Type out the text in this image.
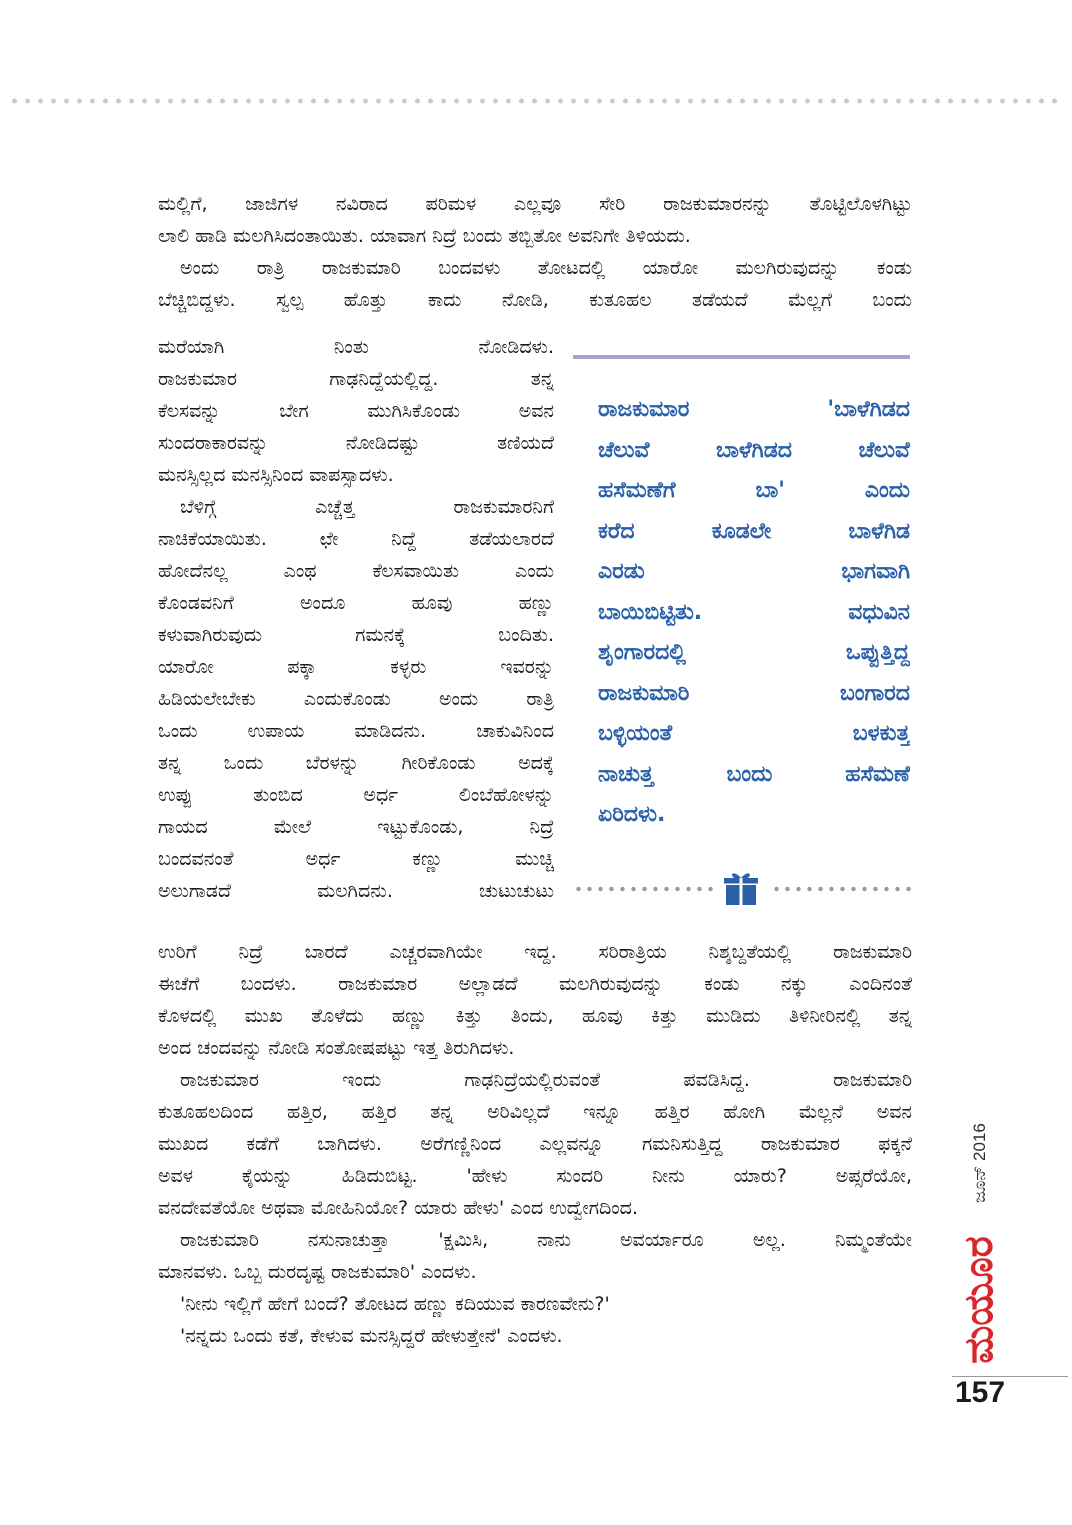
ಮಲ್ಲಿಗೆ, ಜಾಜಿಗಳ ನವಿರಾದ ಪರಿಮಳ ಎಲ್ಲವೂ ಸೇರಿ ರಾಜಕುಮಾರನನ್ನು ತೊಟ್ಟಿಲೊಳಗಿಟ್ಟು
ಲಾಲಿ ಹಾಡಿ ಮಲಗಿಸಿದಂತಾಯಿತು. ಯಾವಾಗ ನಿದ್ರೆ ಬಂದು ತಬ್ಬಿತೋ ಅವನಿಗೇ ತಿಳಿಯದು.
ಅಂದು ರಾತ್ರಿ ರಾಜಕುಮಾರಿ ಬಂದವಳು ತೋಟದಲ್ಲಿ ಯಾರೋ ಮಲಗಿರುವುದನ್ನು ಕಂಡು
ಬೆಚ್ಚಿಬಿದ್ದಳು. ಸ್ವಲ್ಪ ಹೊತ್ತು ಕಾದು ನೋಡಿ, ಕುತೂಹಲ ತಡೆಯದೆ ಮೆಲ್ಲಗೆ ಬಂದು
ಮರೆಯಾಗಿ ನಿಂತು ನೋಡಿದಳು.
ರಾಜಕುಮಾರ ಗಾಢನಿದ್ದೆಯಲ್ಲಿದ್ದ. ತನ್ನ
ಕೆಲಸವನ್ನು ಬೇಗ ಮುಗಿಸಿಕೊಂಡು ಅವನ
ಸುಂದರಾಕಾರವನ್ನು ನೋಡಿದಷ್ಟು ತಣಿಯದೆ
ಮನಸ್ಸಿಲ್ಲದ ಮನಸ್ಸಿನಿಂದ ವಾಪಸ್ಸಾದಳು.
ಬೆಳಿಗ್ಗೆ ಎಚ್ಚೆತ್ತ ರಾಜಕುಮಾರನಿಗೆ
ನಾಚಿಕೆಯಾಯಿತು. ಛೇ ನಿದ್ದೆ ತಡೆಯಲಾರದೆ
ಹೋದೆನಲ್ಲ ಎಂಥ ಕೆಲಸವಾಯಿತು ಎಂದು
ಕೊಂಡವನಿಗೆ ಅಂದೂ ಹೂವು ಹಣ್ಣು
ಕಳುವಾಗಿರುವುದು ಗಮನಕ್ಕೆ ಬಂದಿತು.
ಯಾರೋ ಪಕ್ಕಾ ಕಳ್ಳರು ಇವರನ್ನು
ಹಿಡಿಯಲೇಬೇಕು ಎಂದುಕೊಂಡು ಅಂದು ರಾತ್ರಿ
ಒಂದು ಉಪಾಯ ಮಾಡಿದನು. ಚಾಕುವಿನಿಂದ
ತನ್ನ ಒಂದು ಬೆರಳನ್ನು ಗೀರಿಕೊಂಡು ಅದಕ್ಕೆ
ಉಪ್ಪು ತುಂಬಿದ ಅರ್ಧ ಲಿಂಬೆಹೋಳನ್ನು
ಗಾಯದ ಮೇಲೆ ಇಟ್ಟುಕೊಂಡು, ನಿದ್ರೆ
ಬಂದವನಂತೆ ಅರ್ಧ ಕಣ್ಣು ಮುಚ್ಚಿ
ಅಲುಗಾಡದೆ ಮಲಗಿದನು. ಚುಟುಚುಟು
ರಾಜಕುಮಾರ 'ಬಾಳೆಗಿಡದ
ಚೆಲುವೆ ಬಾಳೆಗಿಡದ ಚೆಲುವೆ
ಹಸೆಮಣೆಗೆ ಬಾ' ಎಂದು
ಕರೆದ ಕೂಡಲೇ ಬಾಳೆಗಿಡ
ಎರಡು ಭಾಗವಾಗಿ
ಬಾಯಿಬಿಟ್ಟಿತು. ವಧುವಿನ
ಶೃಂಗಾರದಲ್ಲಿ ಒಪ್ಪುತ್ತಿದ್ದ
ರಾಜಕುಮಾರಿ ಬಂಗಾರದ
ಬಳ್ಳಿಯಂತೆ ಬಳಕುತ್ತ
ನಾಚುತ್ತ ಬಂದು ಹಸೆಮಣೆ
ಏರಿದಳು.
ಉರಿಗೆ ನಿದ್ರೆ ಬಾರದೆ ಎಚ್ಚರವಾಗಿಯೇ ಇದ್ದ. ಸರಿರಾತ್ರಿಯ ನಿಶ್ಶಬ್ದತೆಯಲ್ಲಿ ರಾಜಕುಮಾರಿ
ಈಚೆಗೆ ಬಂದಳು. ರಾಜಕುಮಾರ ಅಲ್ಲಾಡದೆ ಮಲಗಿರುವುದನ್ನು ಕಂಡು ನಕ್ಕು ಎಂದಿನಂತೆ
ಕೊಳದಲ್ಲಿ ಮುಖ ತೊಳೆದು ಹಣ್ಣು ಕಿತ್ತು ತಿಂದು, ಹೂವು ಕಿತ್ತು ಮುಡಿದು ತಿಳಿನೀರಿನಲ್ಲಿ ತನ್ನ
ಅಂದ ಚಂದವನ್ನು ನೋಡಿ ಸಂತೋಷಪಟ್ಟು ಇತ್ತ ತಿರುಗಿದಳು.
ರಾಜಕುಮಾರ ಇಂದು ಗಾಢನಿದ್ರೆಯಲ್ಲಿರುವಂತೆ ಪವಡಿಸಿದ್ದ. ರಾಜಕುಮಾರಿ
ಕುತೂಹಲದಿಂದ ಹತ್ತಿರ, ಹತ್ತಿರ ತನ್ನ ಅರಿವಿಲ್ಲದೆ ಇನ್ನೂ ಹತ್ತಿರ ಹೋಗಿ ಮೆಲ್ಲನೆ ಅವನ
ಮುಖದ ಕಡೆಗೆ ಬಾಗಿದಳು. ಅರೆಗಣ್ಣಿನಿಂದ ಎಲ್ಲವನ್ನೂ ಗಮನಿಸುತ್ತಿದ್ದ ರಾಜಕುಮಾರ ಫಕ್ಕನೆ
ಅವಳ ಕೈಯನ್ನು ಹಿಡಿದುಬಿಟ್ಟ. 'ಹೇಳು ಸುಂದರಿ ನೀನು ಯಾರು? ಅಪ್ಸರೆಯೋ,
ವನದೇವತೆಯೋ ಅಥವಾ ಮೋಹಿನಿಯೋ? ಯಾರು ಹೇಳು' ಎಂದ ಉದ್ವೇಗದಿಂದ.
ರಾಜಕುಮಾರಿ ನಸುನಾಚುತ್ತಾ 'ಕ್ಷಮಿಸಿ, ನಾನು ಅವರ್ಯಾರೂ ಅಲ್ಲ. ನಿಮ್ಮಂತೆಯೇ
ಮಾನವಳು. ಒಬ್ಬ ದುರದೃಷ್ಟ ರಾಜಕುಮಾರಿ' ಎಂದಳು.
'ನೀನು ಇಲ್ಲಿಗೆ ಹೇಗೆ ಬಂದೆ? ತೋಟದ ಹಣ್ಣು ಕದಿಯುವ ಕಾರಣವೇನು?'
'ನನ್ನದು ಒಂದು ಕತೆ, ಕೇಳುವ ಮನಸ್ಸಿದ್ದರೆ ಹೇಳುತ್ತೇನೆ' ಎಂದಳು.
ಜೂನ್ 2016
ಮಯೂರ
157
